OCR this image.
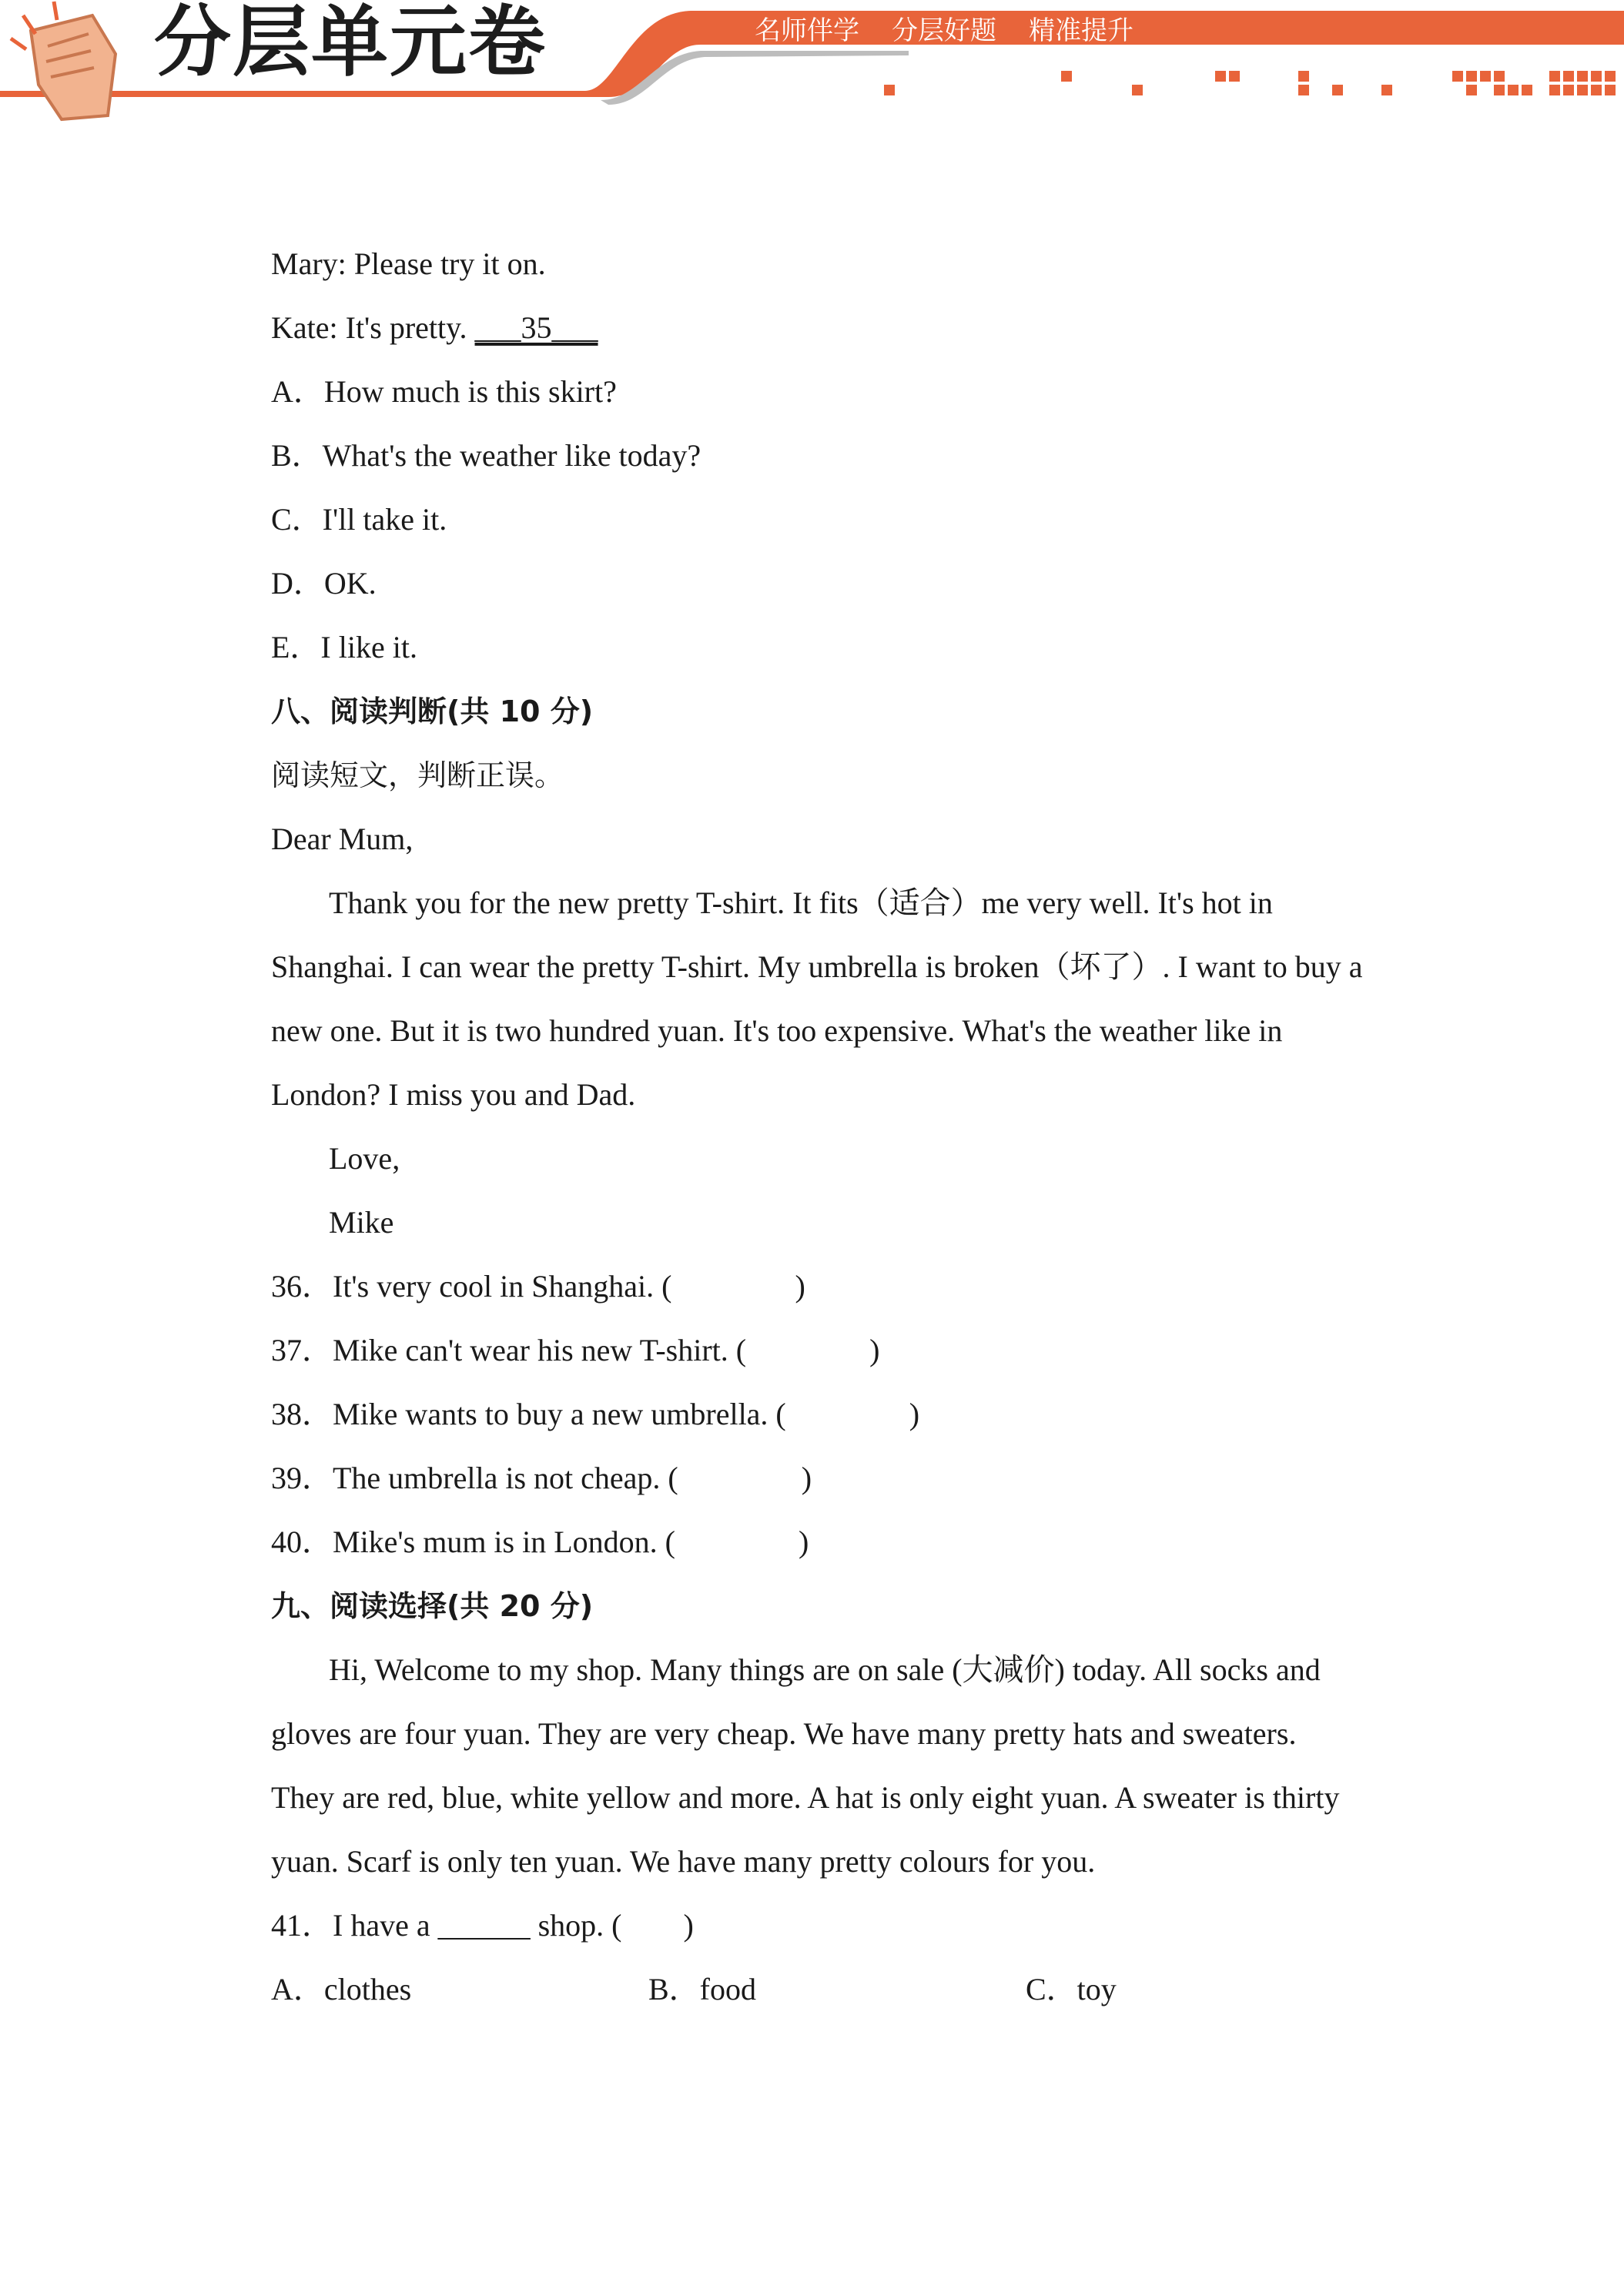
分层单元卷	名师伴学 分层好题 精准提升
Mary: Please try it on.
Kate: It's pretty. ___35___
A．How much is this skirt?
B．What's the weather like today?
C．I'll take it.
D．OK.
E．I like it.
八、阅读判断(共 10 分)
阅读短文，判断正误。
Dear Mum,
Thank you for the new pretty T-shirt. It fits（适合）me very well. It's hot in
Shanghai. I can wear the pretty T-shirt. My umbrella is broken（坏了）. I want to buy a
new one. But it is two hundred yuan. It's too expensive. What's the weather like in
London? I miss you and Dad.
Love,
Mike
36．It's very cool in Shanghai. (　　　　)
37．Mike can't wear his new T-shirt. (　　　　)
38．Mike wants to buy a new umbrella. (　　　　)
39．The umbrella is not cheap. (　　　　)
40．Mike's mum is in London. (　　　　)
九、阅读选择(共 20 分)
Hi, Welcome to my shop. Many things are on sale (大减价) today. All socks and
gloves are four yuan. They are very cheap. We have many pretty hats and sweaters.
They are red, blue, white yellow and more. A hat is only eight yuan. A sweater is thirty
yuan. Scarf is only ten yuan. We have many pretty colours for you.
41．I have a ______ shop. (　　)
A．clothes	B．food	C．toy
